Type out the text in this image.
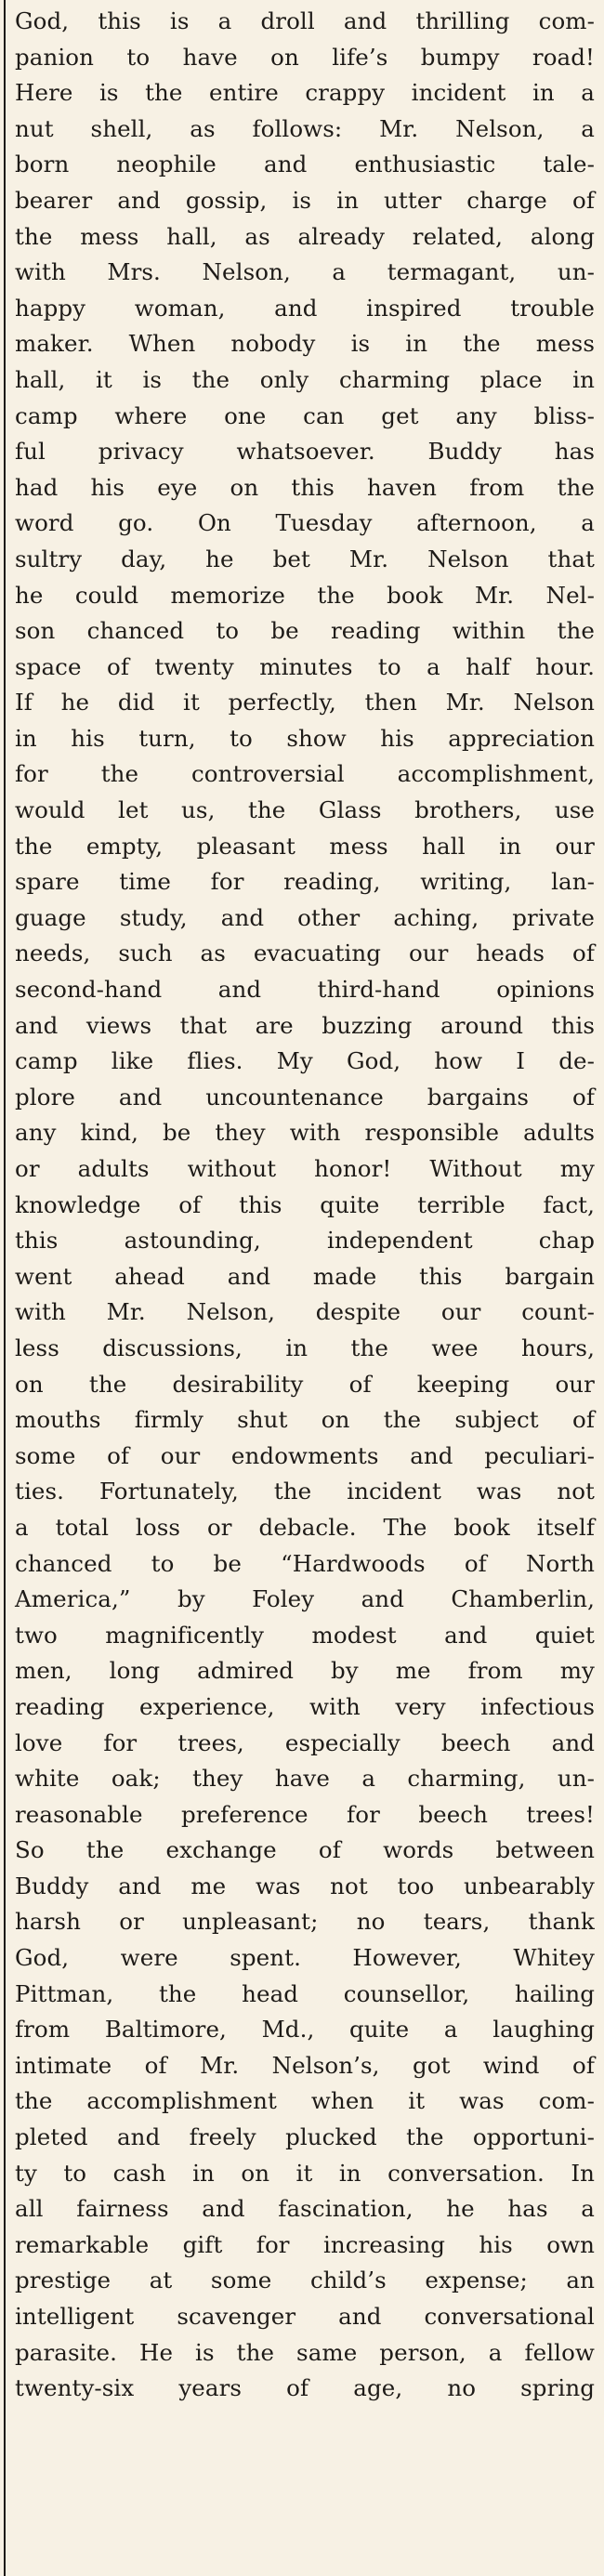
God, this is a droll and thrilling com-
panion to have on life’s bumpy road!
Here is the entire crappy incident in a
nut shell, as follows: Mr. Nelson, a
born neophile and enthusiastic tale-
bearer and gossip, is in utter charge of
the mess hall, as already related, along
with Mrs. Nelson, a termagant, un-
happy woman, and inspired trouble
maker. When nobody is in the mess
hall, it is the only charming place in
camp where one can get any bliss-
ful privacy whatsoever. Buddy has
had his eye on this haven from the
word go. On Tuesday afternoon, a
sultry day, he bet Mr. Nelson that
he could memorize the book Mr. Nel-
son chanced to be reading within the
space of twenty minutes to a half hour.
If he did it perfectly, then Mr. Nelson
in his turn, to show his appreciation
for the controversial accomplishment,
would let us, the Glass brothers, use
the empty, pleasant mess hall in our
spare time for reading, writing, lan-
guage study, and other aching, private
needs, such as evacuating our heads of
second-hand and third-hand opinions
and views that are buzzing around this
camp like flies. My God, how I de-
plore and uncountenance bargains of
any kind, be they with responsible adults
or adults without honor! Without my
knowledge of this quite terrible fact,
this astounding, independent chap
went ahead and made this bargain
with Mr. Nelson, despite our count-
less discussions, in the wee hours,
on the desirability of keeping our
mouths firmly shut on the subject of
some of our endowments and peculiari-
ties. Fortunately, the incident was not
a total loss or debacle. The book itself
chanced to be “Hardwoods of North
America,” by Foley and Chamberlin,
two magnificently modest and quiet
men, long admired by me from my
reading experience, with very infectious
love for trees, especially beech and
white oak; they have a charming, un-
reasonable preference for beech trees!
So the exchange of words between
Buddy and me was not too unbearably
harsh or unpleasant; no tears, thank
God, were spent. However, Whitey
Pittman, the head counsellor, hailing
from Baltimore, Md., quite a laughing
intimate of Mr. Nelson’s, got wind of
the accomplishment when it was com-
pleted and freely plucked the opportuni-
ty to cash in on it in conversation. In
all fairness and fascination, he has a
remarkable gift for increasing his own
prestige at some child’s expense; an
intelligent scavenger and conversational
parasite. He is the same person, a fellow
twenty-six years of age, no spring
